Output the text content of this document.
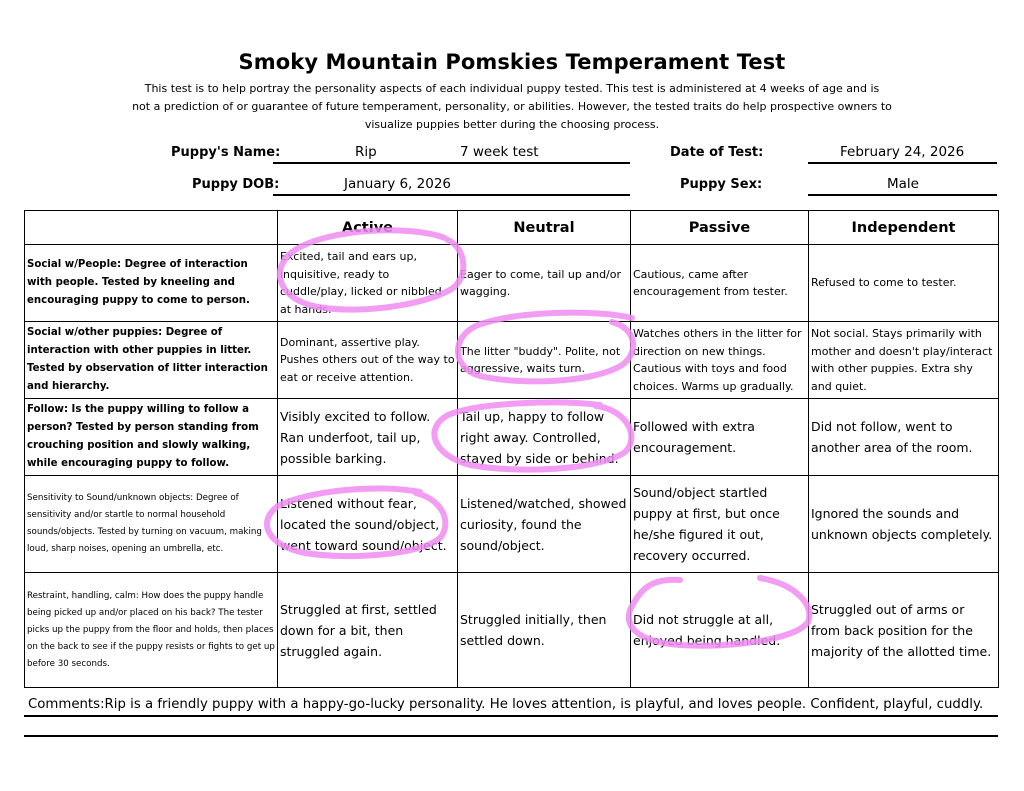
Smoky Mountain Pomskies Temperament Test
This test is to help portray the personality aspects of each individual puppy tested. This test is administered at 4 weeks of age and is
not a prediction of or guarantee of future temperament, personality, or abilities. However, the tested traits do help prospective owners to
visualize puppies better during the choosing process.
Puppy's Name:	Rip	7 week test	Date of Test:	February 24, 2026
Puppy DOB:	January 6, 2026	Puppy Sex:	Male
	Active	Neutral	Passive	Independent
Social w/People: Degree of interaction with people. Tested by kneeling and encouraging puppy to come to person.	Excited, tail and ears up, inquisitive, ready to cuddle/play, licked or nibbled at hands.	Eager to come, tail up and/or wagging.	Cautious, came after encouragement from tester.	Refused to come to tester.
Social w/other puppies: Degree of interaction with other puppies in litter. Tested by observation of litter interaction and hierarchy.	Dominant, assertive play. Pushes others out of the way to eat or receive attention.	The litter "buddy". Polite, not aggressive, waits turn.	Watches others in the litter for direction on new things. Cautious with toys and food choices. Warms up gradually.	Not social. Stays primarily with mother and doesn't play/interact with other puppies. Extra shy and quiet.
Follow: Is the puppy willing to follow a person? Tested by person standing from crouching position and slowly walking, while encouraging puppy to follow.	Visibly excited to follow. Ran underfoot, tail up, possible barking.	Tail up, happy to follow right away. Controlled, stayed by side or behind.	Followed with extra encouragement.	Did not follow, went to another area of the room.
Sensitivity to Sound/unknown objects: Degree of sensitivity and/or startle to normal household sounds/objects. Tested by turning on vacuum, making loud, sharp noises, opening an umbrella, etc.	Listened without fear, located the sound/object, went toward sound/object.	Listened/watched, showed curiosity, found the sound/object.	Sound/object startled puppy at first, but once he/she figured it out, recovery occurred.	Ignored the sounds and unknown objects completely.
Restraint, handling, calm: How does the puppy handle being picked up and/or placed on his back? The tester picks up the puppy from the floor and holds, then places on the back to see if the puppy resists or fights to get up before 30 seconds.	Struggled at first, settled down for a bit, then struggled again.	Struggled initially, then settled down.	Did not struggle at all, enjoyed being handled.	Struggled out of arms or from back position for the majority of the allotted time.
Comments:Rip is a friendly puppy with a happy-go-lucky personality. He loves attention, is playful, and loves people. Confident, playful, cuddly.
